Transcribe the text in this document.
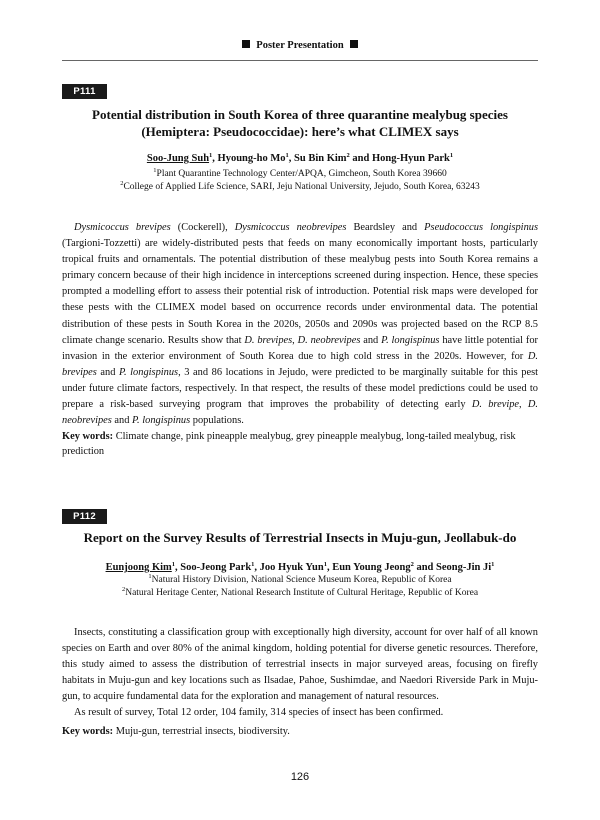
Poster Presentation
P111
Potential distribution in South Korea of three quarantine mealybug species
(Hemiptera: Pseudococcidae): here’s what CLIMEX says
Soo-Jung Suh$^1$, Hyoung-ho Mo$^1$, Su Bin Kim$^2$ and Hong-Hyun Park$^1$
$^1$Plant Quarantine Technology Center/APQA, Gimcheon, South Korea 39660
$^2$College of Applied Life Science, SARI, Jeju National University, Jejudo, South Korea, 63243

Dysmicoccus brevipes (Cockerell), Dysmicoccus neobrevipes Beardsley and Pseudococcus longispinus (Targioni-Tozzetti) are widely-distributed pests that feeds on many economically important hosts, particularly tropical fruits and ornamentals. The potential distribution of these mealybug pests into South Korea remains a primary concern because of their high incidence in interceptions screened during inspection. Hence, these species prompted a modelling effort to assess their potential risk of introduction. Potential risk maps were developed for these pests with the CLIMEX model based on occurrence records under environmental data. The potential distribution of these pests in South Korea in the 2020s, 2050s and 2090s was projected based on the RCP 8.5 climate change scenario. Results show that D. brevipes, D. neobrevipes and P. longispinus have little potential for invasion in the exterior environment of South Korea due to high cold stress in the 2020s. However, for D. brevipes and P. longispinus, 3 and 86 locations in Jejudo, were predicted to be marginally suitable for this pest under future climate factors, respectively. In that respect, the results of these model predictions could be used to prepare a risk-based surveying program that improves the probability of detecting early D. brevipe, D. neobrevipes and P. longispinus populations.

Key words: Climate change, pink pineapple mealybug, grey pineapple mealybug, long-tailed mealybug, risk prediction
P112
Report on the Survey Results of Terrestrial Insects in Muju-gun, Jeollabuk-do
Eunjoong Kim$^1$, Soo-Jeong Park$^1$, Joo Hyuk Yun$^1$, Eun Young Jeong$^2$ and Seong-Jin Ji$^1$
$^1$Natural History Division, National Science Museum Korea, Republic of Korea
$^2$Natural Heritage Center, National Research Institute of Cultural Heritage, Republic of Korea

Insects, constituting a classification group with exceptionally high diversity, account for over half of all known species on Earth and over 80% of the animal kingdom, holding potential for diverse genetic resources. Therefore, this study aimed to assess the distribution of terrestrial insects in major surveyed areas, focusing on firefly habitats in Muju-gun and key locations such as Ilsadae, Pahoe, Sushimdae, and Naedori Riverside Park in Muju-gun, to acquire fundamental data for the exploration and management of natural resources.

As result of survey, Total 12 order, 104 family, 314 species of insect has been confirmed.

Key words: Muju-gun, terrestrial insects, biodiversity.
126
